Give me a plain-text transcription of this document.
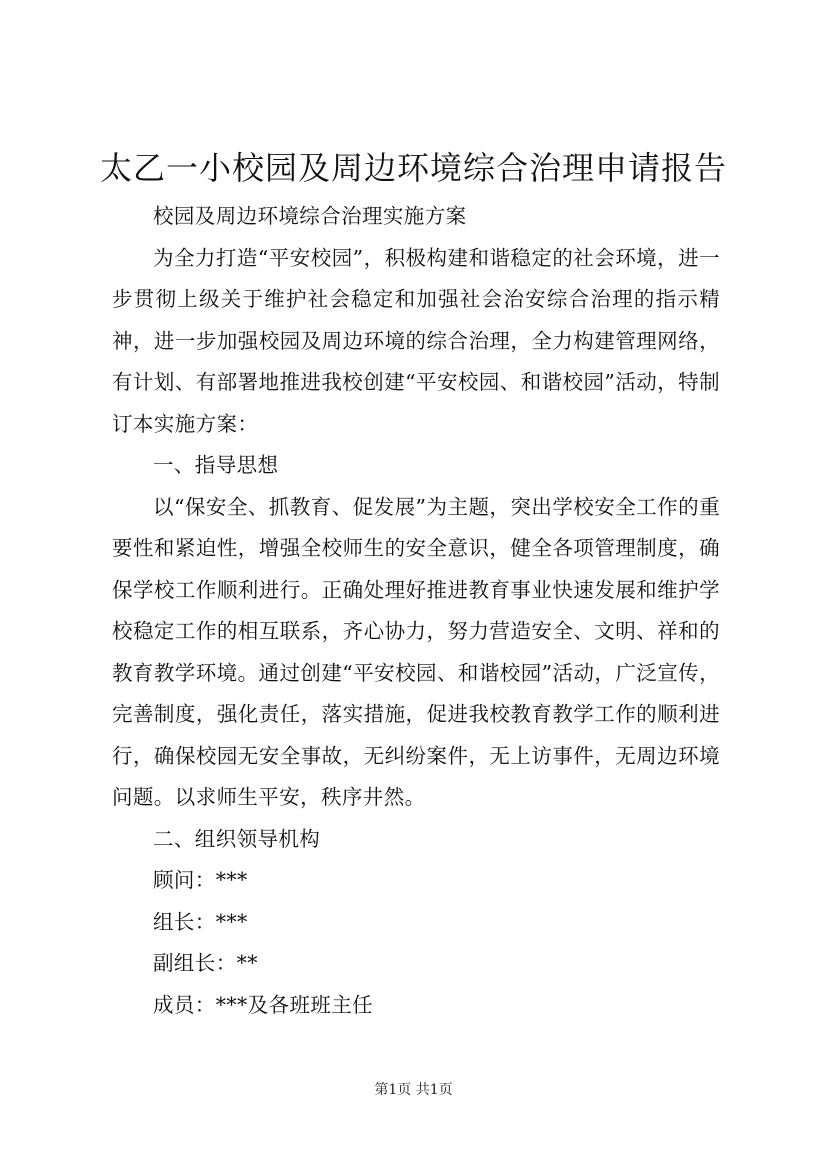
太乙一小校园及周边环境综合治理申请报告

校园及周边环境综合治理实施方案

为全力打造“平安校园”，积极构建和谐稳定的社会环境，进一步贯彻上级关于维护社会稳定和加强社会治安综合治理的指示精神，进一步加强校园及周边环境的综合治理，全力构建管理网络，有计划、有部署地推进我校创建“平安校园、和谐校园”活动，特制订本实施方案：

一、指导思想

以“保安全、抓教育、促发展”为主题，突出学校安全工作的重要性和紧迫性，增强全校师生的安全意识，健全各项管理制度，确保学校工作顺利进行。正确处理好推进教育事业快速发展和维护学校稳定工作的相互联系，齐心协力，努力营造安全、文明、祥和的教育教学环境。通过创建“平安校园、和谐校园”活动，广泛宣传，完善制度，强化责任，落实措施，促进我校教育教学工作的顺利进行，确保校园无安全事故，无纠纷案件，无上访事件，无周边环境问题。以求师生平安，秩序井然。

二、组织领导机构

顾问：***

组长：***

副组长：**

成员：***及各班班主任

第1页 共1页
